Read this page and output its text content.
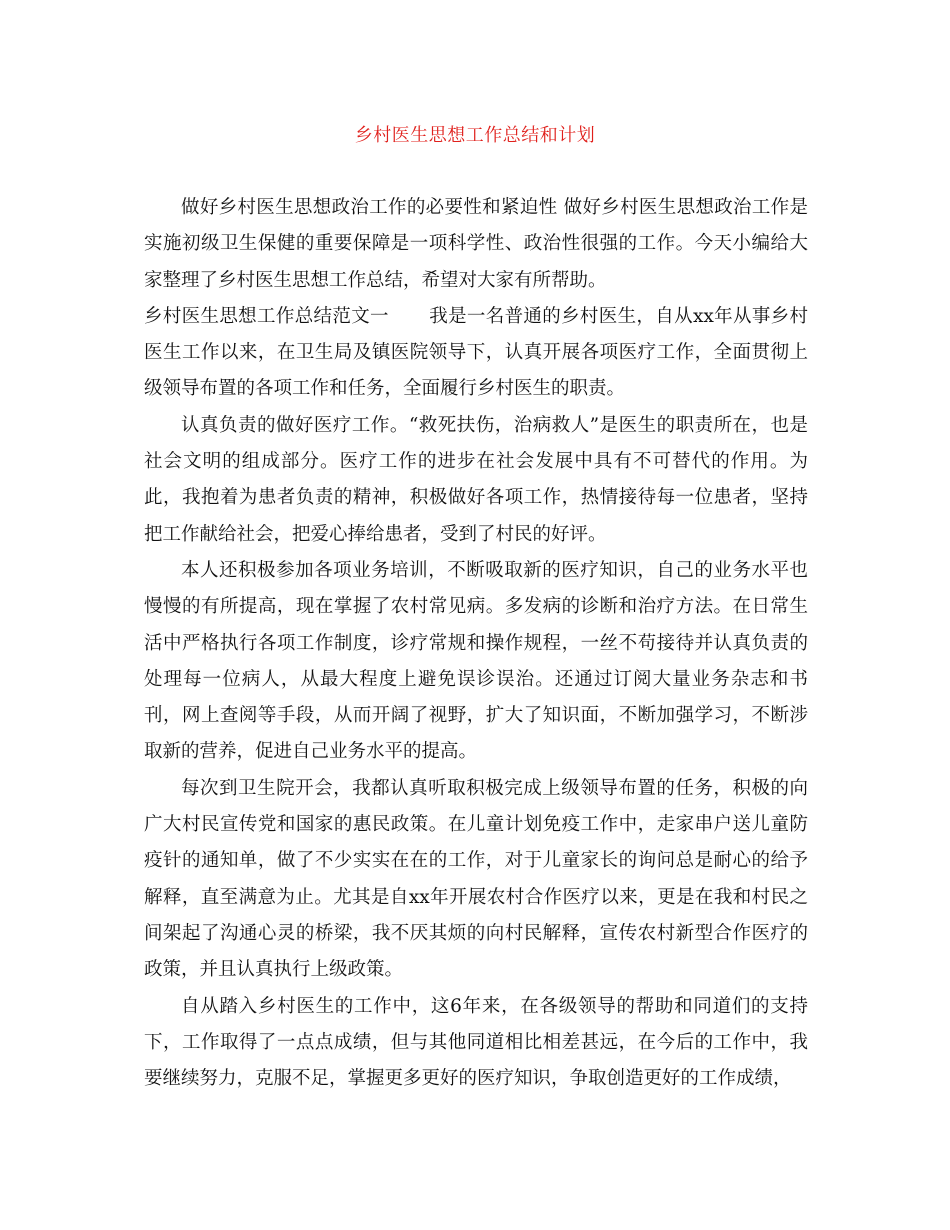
乡村医生思想工作总结和计划

做好乡村医生思想政治工作的必要性和紧迫性 做好乡村医生思想政治工作是实施初级卫生保健的重要保障是一项科学性、政治性很强的工作。今天小编给大家整理了乡村医生思想工作总结，希望对大家有所帮助。

乡村医生思想工作总结范文一 我是一名普通的乡村医生，自从xx年从事乡村医生工作以来，在卫生局及镇医院领导下，认真开展各项医疗工作，全面贯彻上级领导布置的各项工作和任务，全面履行乡村医生的职责。

认真负责的做好医疗工作。“救死扶伤，治病救人”是医生的职责所在，也是社会文明的组成部分。医疗工作的进步在社会发展中具有不可替代的作用。为此，我抱着为患者负责的精神，积极做好各项工作，热情接待每一位患者，坚持把工作献给社会，把爱心捧给患者，受到了村民的好评。

本人还积极参加各项业务培训，不断吸取新的医疗知识，自己的业务水平也慢慢的有所提高，现在掌握了农村常见病。多发病的诊断和治疗方法。在日常生活中严格执行各项工作制度，诊疗常规和操作规程，一丝不苟接待并认真负责的处理每一位病人，从最大程度上避免误诊误治。还通过订阅大量业务杂志和书刊，网上查阅等手段，从而开阔了视野，扩大了知识面，不断加强学习，不断涉取新的营养，促进自己业务水平的提高。

每次到卫生院开会，我都认真听取积极完成上级领导布置的任务，积极的向广大村民宣传党和国家的惠民政策。在儿童计划免疫工作中，走家串户送儿童防疫针的通知单，做了不少实实在在的工作，对于儿童家长的询问总是耐心的给予解释，直至满意为止。尤其是自xx年开展农村合作医疗以来，更是在我和村民之间架起了沟通心灵的桥梁，我不厌其烦的向村民解释，宣传农村新型合作医疗的政策，并且认真执行上级政策。

自从踏入乡村医生的工作中，这6年来，在各级领导的帮助和同道们的支持下，工作取得了一点点成绩，但与其他同道相比相差甚远，在今后的工作中，我要继续努力，克服不足，掌握更多更好的医疗知识，争取创造更好的工作成绩，
